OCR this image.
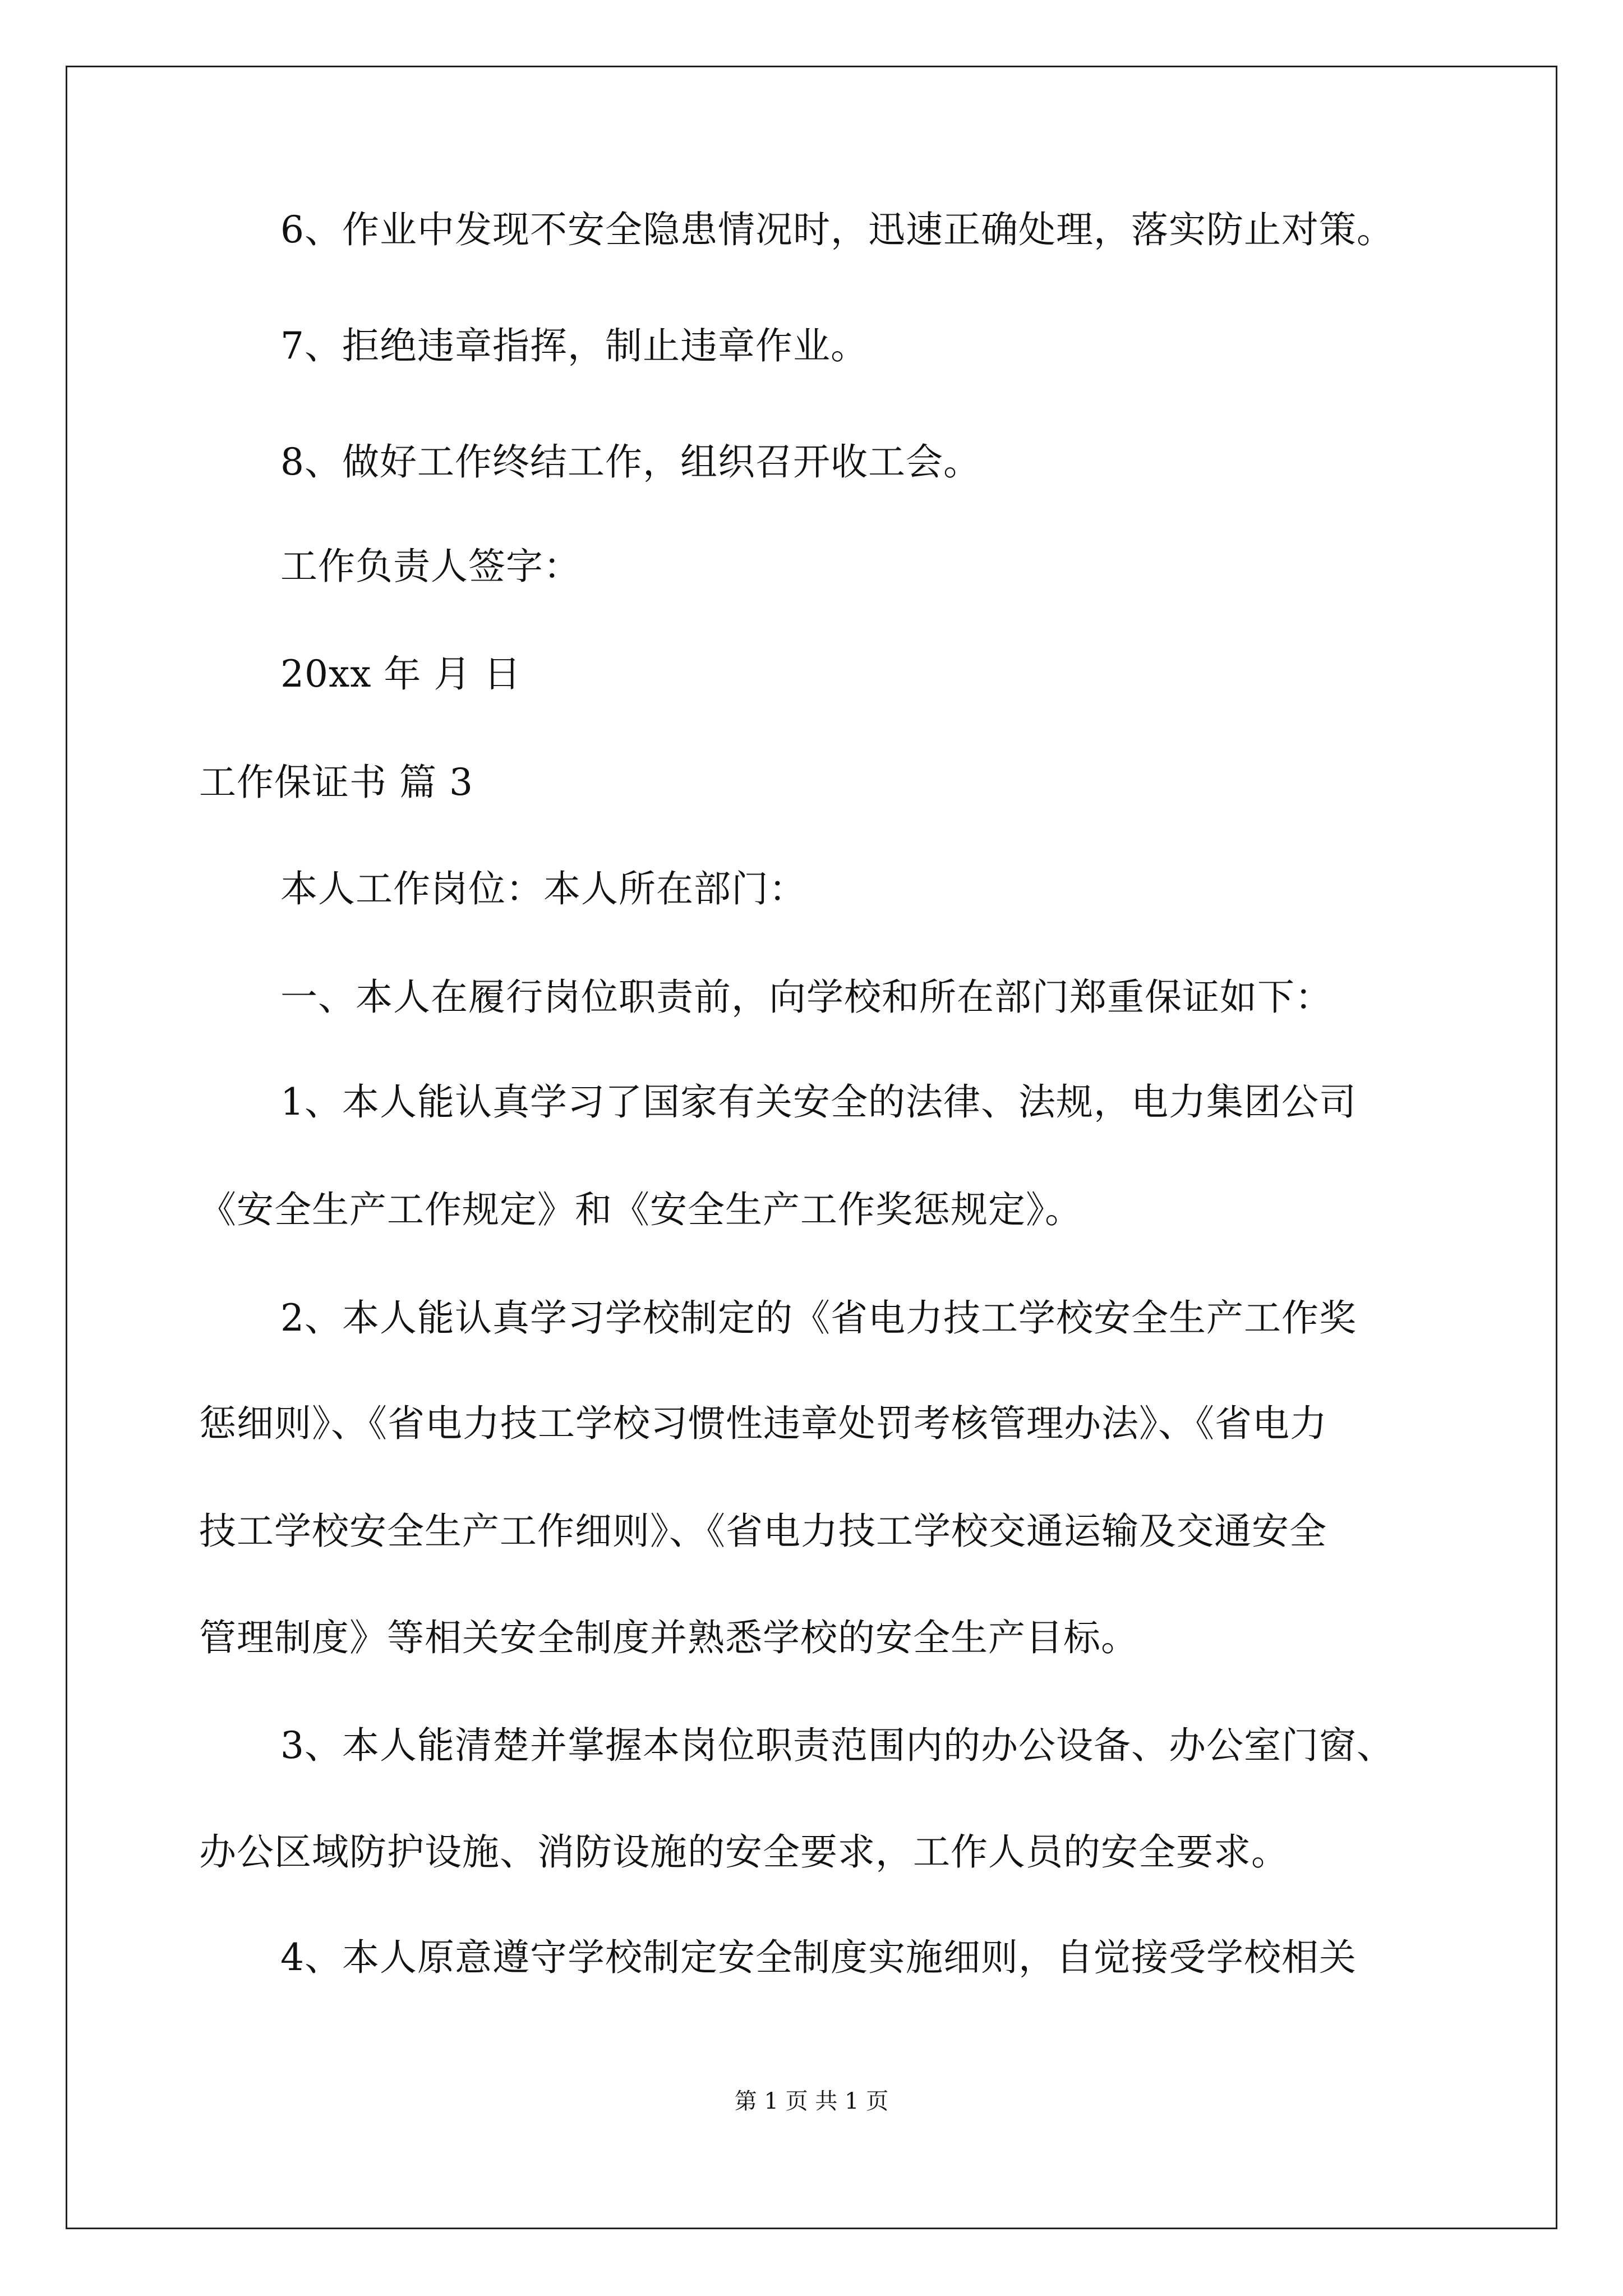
6、作业中发现不安全隐患情况时，迅速正确处理，落实防止对策。
7、拒绝违章指挥，制止违章作业。
8、做好工作终结工作，组织召开收工会。
工作负责人签字：
20xx 年 月 日
工作保证书 篇 3
本人工作岗位：本人所在部门：
一、本人在履行岗位职责前，向学校和所在部门郑重保证如下：
1、本人能认真学习了国家有关安全的法律、法规，电力集团公司
《安全生产工作规定》和《安全生产工作奖惩规定》。
2、本人能认真学习学校制定的《省电力技工学校安全生产工作奖
惩细则》、《省电力技工学校习惯性违章处罚考核管理办法》、《省电力
技工学校安全生产工作细则》、《省电力技工学校交通运输及交通安全
管理制度》等相关安全制度并熟悉学校的安全生产目标。
3、本人能清楚并掌握本岗位职责范围内的办公设备、办公室门窗、
办公区域防护设施、消防设施的安全要求，工作人员的安全要求。
4、本人原意遵守学校制定安全制度实施细则，自觉接受学校相关
第 1 页 共 1 页
